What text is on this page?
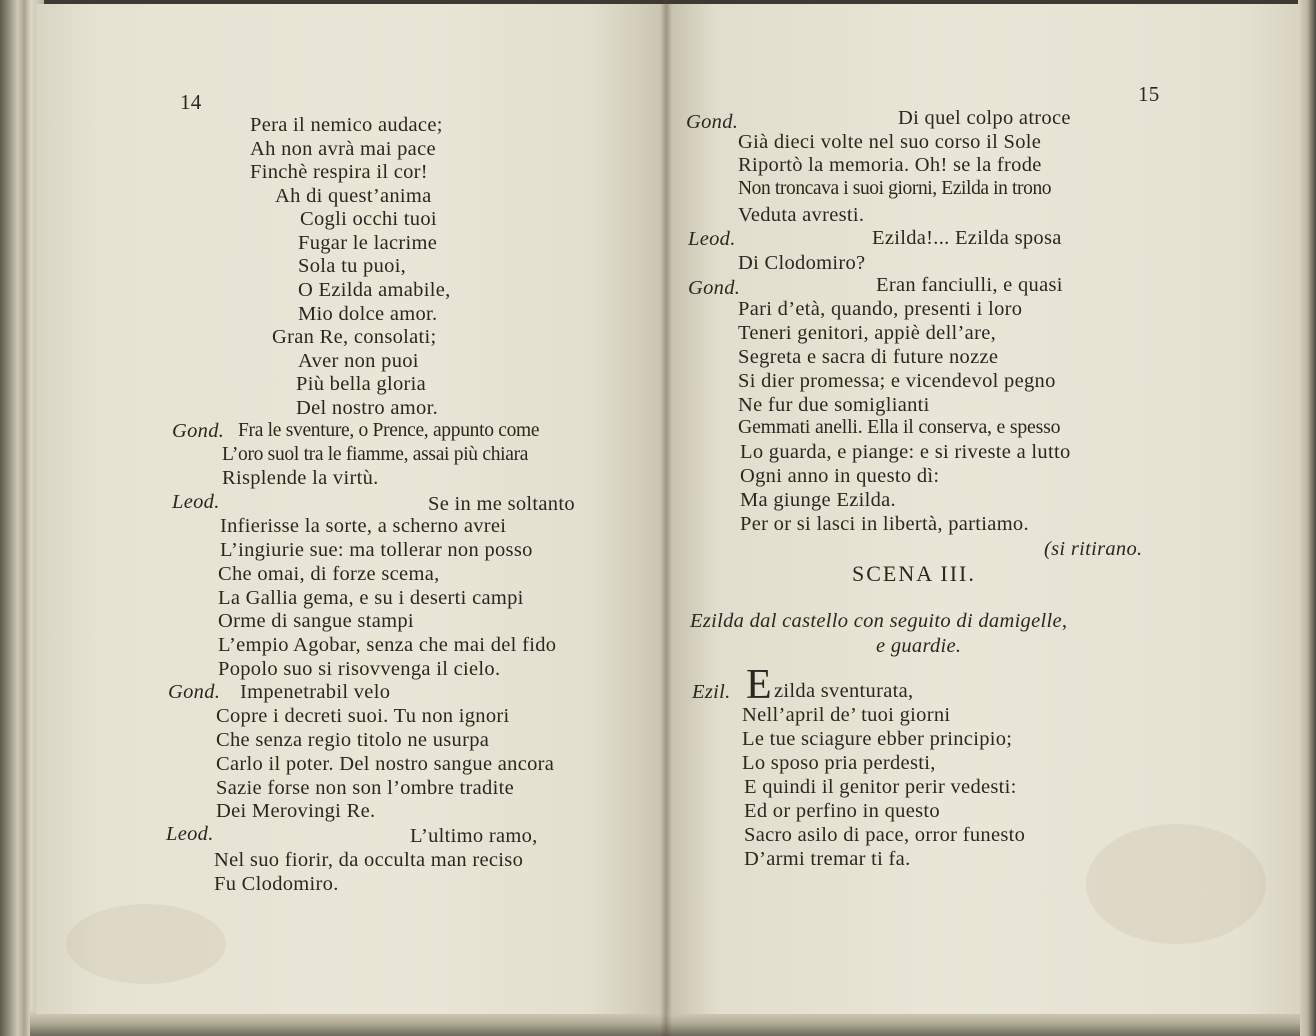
14
Pera il nemico audace;
Ah non avrà mai pace
Finchè respira il cor!
Ah di quest’anima
Cogli occhi tuoi
Fugar le lacrime
Sola tu puoi,
O Ezilda amabile,
Mio dolce amor.
Gran Re, consolati;
Aver non puoi
Più bella gloria
Del nostro amor.
Gond. Fra le sventure, o Prence, appunto come
L’oro suol tra le fiamme, assai più chiara
Risplende la virtù.
Leod.	Se in me soltanto
Infierisse la sorte, a scherno avrei
L’ingiurie sue: ma tollerar non posso
Che omai, di forze scema,
La Gallia gema, e su i deserti campi
Orme di sangue stampi
L’empio Agobar, senza che mai del fido
Popolo suo si risovvenga il cielo.
Gond. Impenetrabil velo
Copre i decreti suoi. Tu non ignori
Che senza regio titolo ne usurpa
Carlo il poter. Del nostro sangue ancora
Sazie forse non son l’ombre tradite
Dei Merovingi Re.
Leod.	L’ultimo ramo,
Nel suo fiorir, da occulta man reciso
Fu Clodomiro.
15
Gond.	Di quel colpo atroce
Già dieci volte nel suo corso il Sole
Riportò la memoria. Oh! se la frode
Non troncava i suoi giorni, Ezilda in trono
Veduta avresti.
Leod.	Ezilda!... Ezilda sposa
Di Clodomiro?
Gond.	Eran fanciulli, e quasi
Pari d’età, quando, presenti i loro
Teneri genitori, appiè dell’are,
Segreta e sacra di future nozze
Si dier promessa; e vicendevol pegno
Ne fur due somiglianti
Gemmati anelli. Ella il conserva, e spesso
Lo guarda, e piange: e si riveste a lutto
Ogni anno in questo dì:
Ma giunge Ezilda.
Per or si lasci in libertà, partiamo.
(si ritirano.
SCENA III.
Ezilda dal castello con seguito di damigelle,
e guardie.
Ezil. E zilda sventurata,
Nell’april de’ tuoi giorni
Le tue sciagure ebber principio;
Lo sposo pria perdesti,
E quindi il genitor perir vedesti:
Ed or perfino in questo
Sacro asilo di pace, orror funesto
D’armi tremar ti fa.
